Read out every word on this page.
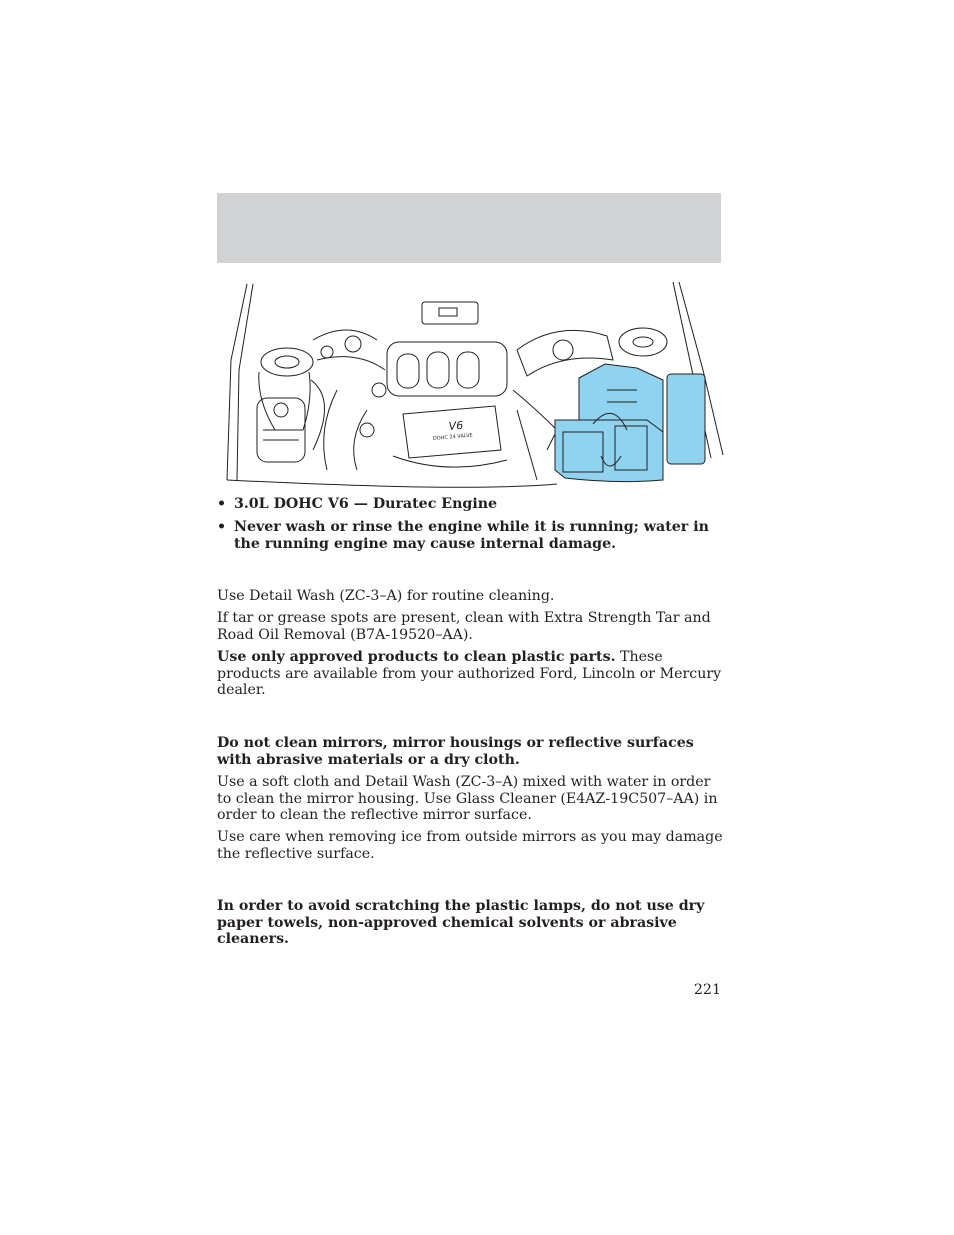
V6
DOHC 24 VALVE
• 3.0L DOHC V6 — Duratec Engine
• Never wash or rinse the engine while it is running; water in the running engine may cause internal damage.

Use Detail Wash (ZC-3–A) for routine cleaning.

If tar or grease spots are present, clean with Extra Strength Tar and Road Oil Removal (B7A-19520–AA).

Use only approved products to clean plastic parts. These products are available from your authorized Ford, Lincoln or Mercury dealer.

Do not clean mirrors, mirror housings or reflective surfaces with abrasive materials or a dry cloth.

Use a soft cloth and Detail Wash (ZC-3–A) mixed with water in order to clean the mirror housing. Use Glass Cleaner (E4AZ-19C507–AA) in order to clean the reflective mirror surface.

Use care when removing ice from outside mirrors as you may damage the reflective surface.

In order to avoid scratching the plastic lamps, do not use dry paper towels, non-approved chemical solvents or abrasive cleaners.

221
